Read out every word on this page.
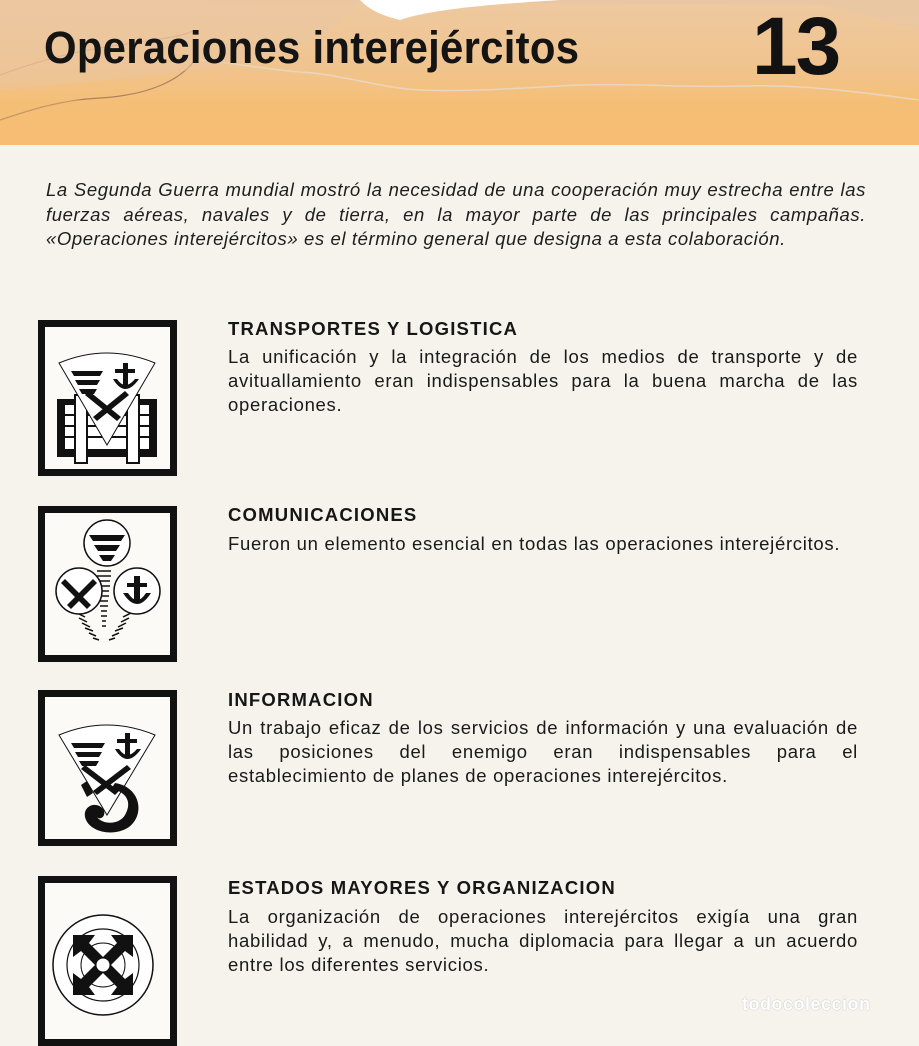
Operaciones interejércitos 13
La Segunda Guerra mundial mostró la necesidad de una cooperación muy estrecha entre las fuerzas aéreas, navales y de tierra, en la mayor parte de las principales campañas. «Operaciones interejércitos» es el término general que designa a esta colaboración.
TRANSPORTES Y LOGISTICA
La unificación y la integración de los medios de transporte y de avituallamiento eran indispensables para la buena marcha de las operaciones.
COMUNICACIONES
Fueron un elemento esencial en todas las operaciones interejércitos.
INFORMACION
Un trabajo eficaz de los servicios de información y una evaluación de las posiciones del enemigo eran indispensables para el establecimiento de planes de operaciones interejércitos.
ESTADOS MAYORES Y ORGANIZACION
La organización de operaciones interejércitos exigía una gran habilidad y, a menudo, mucha diplomacia para llegar a un acuerdo entre los diferentes servicios.
todocoleccion
